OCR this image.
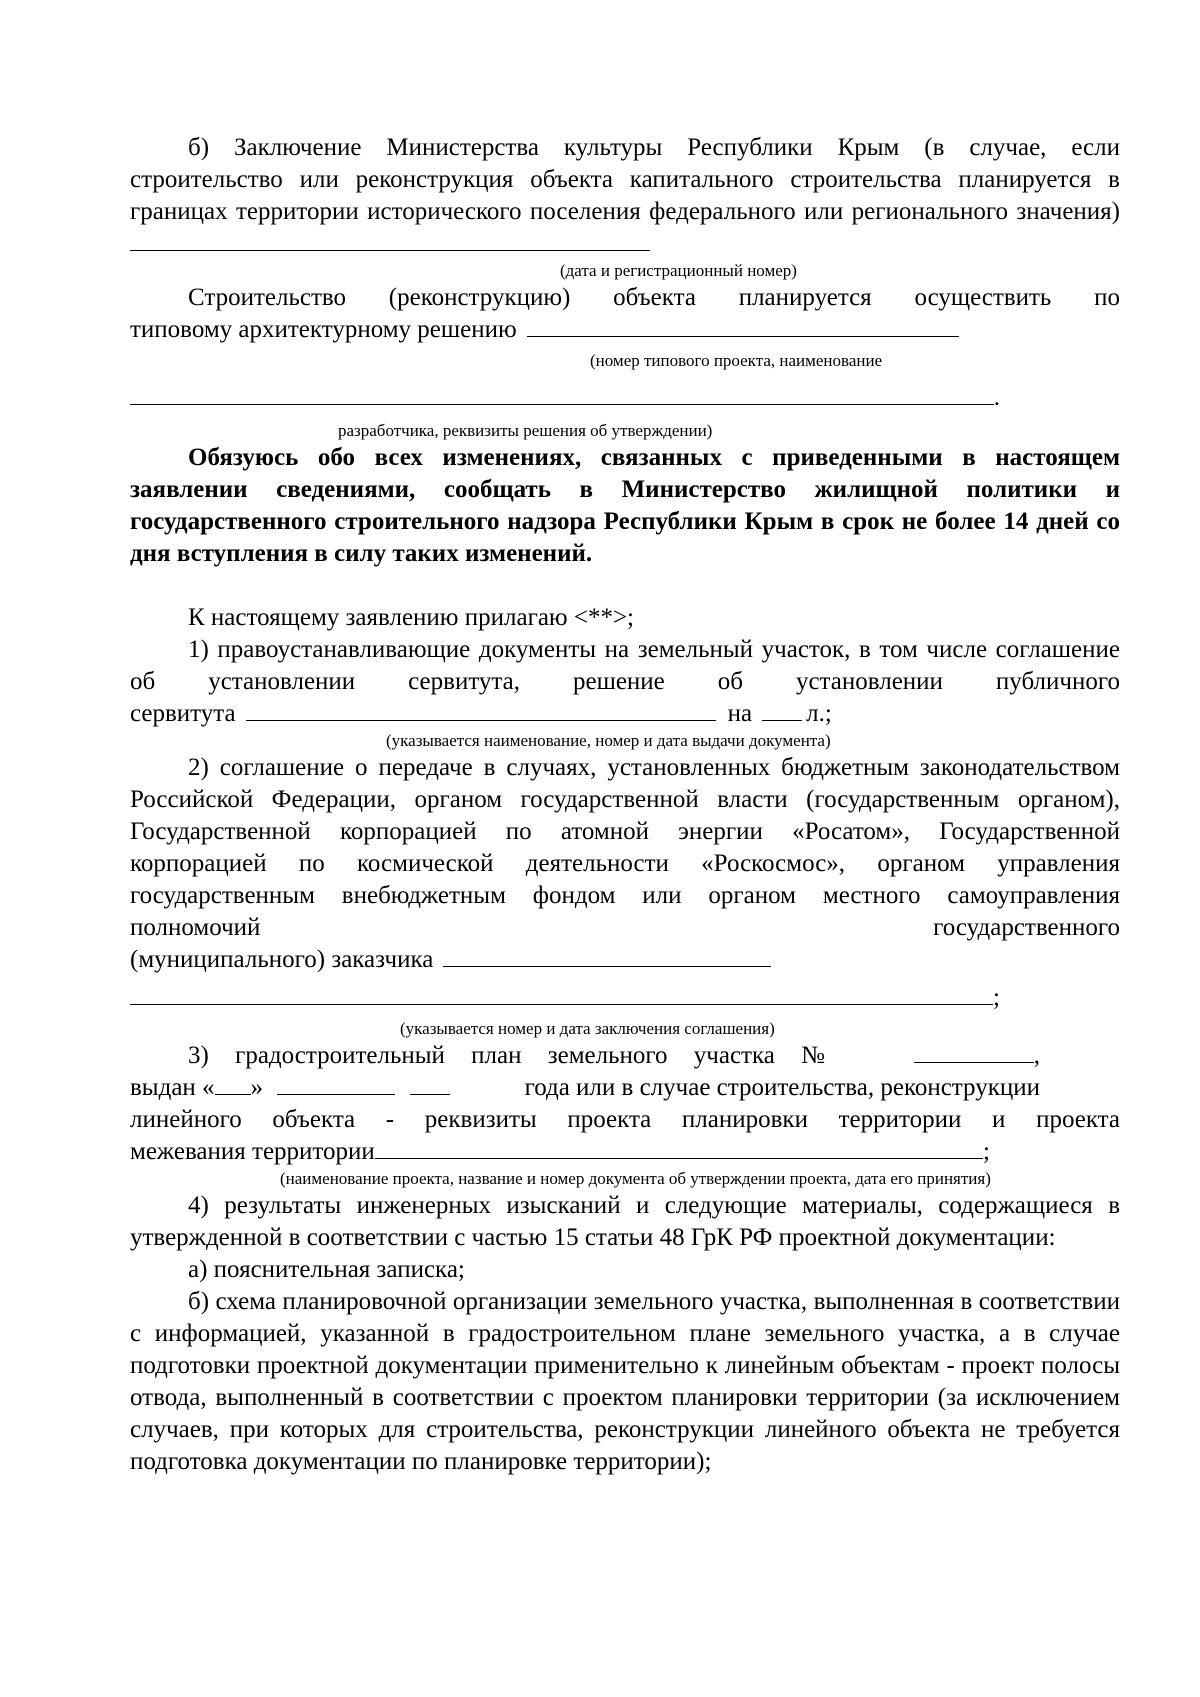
б) Заключение Министерства культуры Республики Крым (в случае, если строительство или реконструкция объекта капитального строительства планируется в границах территории исторического поселения федерального или регионального значения)

(дата и регистрационный номер)

Строительство (реконструкцию) объекта планируется осуществить по

типовому архитектурному решению

(номер типового проекта, наименование

.

разработчика, реквизиты решения об утверждении)

Обязуюсь обо всех изменениях, связанных с приведенными в настоящем заявлении сведениями, сообщать в Министерство жилищной политики и государственного строительного надзора Республики Крым в срок не более 14 дней со дня вступления в силу таких изменений.

К настоящему заявлению прилагаю <**>;

1) правоустанавливающие документы на земельный участок, в том числе соглашение об установлении сервитута, решение об установлении публичного

сервитута	на л.;

(указывается наименование, номер и дата выдачи документа)

2) соглашение о передаче в случаях, установленных бюджетным законодательством Российской Федерации, органом государственной власти (государственным органом), Государственной корпорацией по атомной энергии «Росатом», Государственной корпорацией по космической деятельности «Роскосмос», органом управления государственным внебюджетным фондом или органом местного самоуправления полномочий государственного

(муниципального) заказчика
;

(указывается номер и дата заключения соглашения)

3) градостроительный план земельного участка №	,
выдан « »	года или в случае строительства, реконструкции

линейного объекта - реквизиты проекта планировки территории и проекта

межевания территории	;

(наименование проекта, название и номер документа об утверждении проекта, дата его принятия)

4) результаты инженерных изысканий и следующие материалы, содержащиеся в утвержденной в соответствии с частью 15 статьи 48 ГрК РФ проектной документации:

а) пояснительная записка;

б) схема планировочной организации земельного участка, выполненная в соответствии с информацией, указанной в градостроительном плане земельного участка, а в случае подготовки проектной документации применительно к линейным объектам - проект полосы отвода, выполненный в соответствии с проектом планировки территории (за исключением случаев, при которых для строительства, реконструкции линейного объекта не требуется подготовка документации по планировке территории);
